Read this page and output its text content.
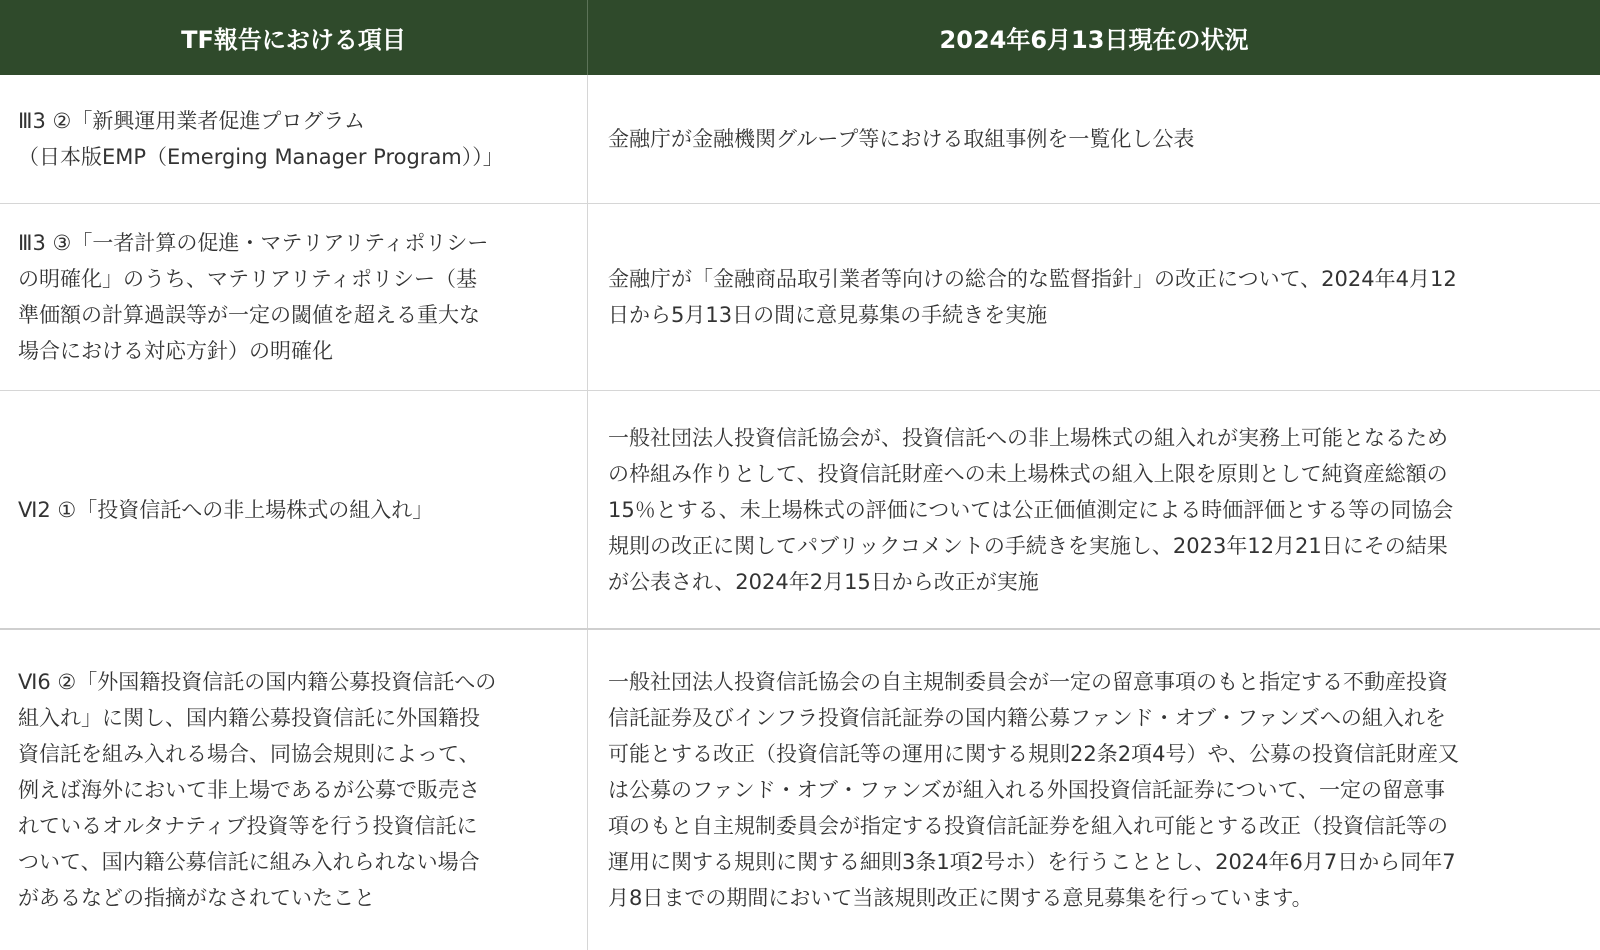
TF報告における項目	2024年6月13日現在の状況
Ⅲ3 ②「新興運用業者促進プログラム
（日本版EMP（Emerging Manager Program））」
金融庁が金融機関グループ等における取組事例を一覧化し公表
Ⅲ3 ③「一者計算の促進・マテリアリティポリシー
の明確化」のうち、マテリアリティポリシー（基
準価額の計算過誤等が一定の閾値を超える重大な
場合における対応方針）の明確化
金融庁が「金融商品取引業者等向けの総合的な監督指針」の改正について、2024年4月12
日から5月13日の間に意見募集の手続きを実施
Ⅵ2 ①「投資信託への非上場株式の組入れ」
一般社団法人投資信託協会が、投資信託への非上場株式の組入れが実務上可能となるため
の枠組み作りとして、投資信託財産への未上場株式の組入上限を原則として純資産総額の
15％とする、未上場株式の評価については公正価値測定による時価評価とする等の同協会
規則の改正に関してパブリックコメントの手続きを実施し、2023年12月21日にその結果
が公表され、2024年2月15日から改正が実施
Ⅵ6 ②「外国籍投資信託の国内籍公募投資信託への
組入れ」に関し、国内籍公募投資信託に外国籍投
資信託を組み入れる場合、同協会規則によって、
例えば海外において非上場であるが公募で販売さ
れているオルタナティブ投資等を行う投資信託に
ついて、国内籍公募信託に組み入れられない場合
があるなどの指摘がなされていたこと
一般社団法人投資信託協会の自主規制委員会が一定の留意事項のもと指定する不動産投資
信託証券及びインフラ投資信託証券の国内籍公募ファンド・オブ・ファンズへの組入れを
可能とする改正（投資信託等の運用に関する規則22条2項4号）や、公募の投資信託財産又
は公募のファンド・オブ・ファンズが組入れる外国投資信託証券について、一定の留意事
項のもと自主規制委員会が指定する投資信託証券を組入れ可能とする改正（投資信託等の
運用に関する規則に関する細則3条1項2号ホ）を行うこととし、2024年6月7日から同年7
月8日までの期間において当該規則改正に関する意見募集を行っています。
